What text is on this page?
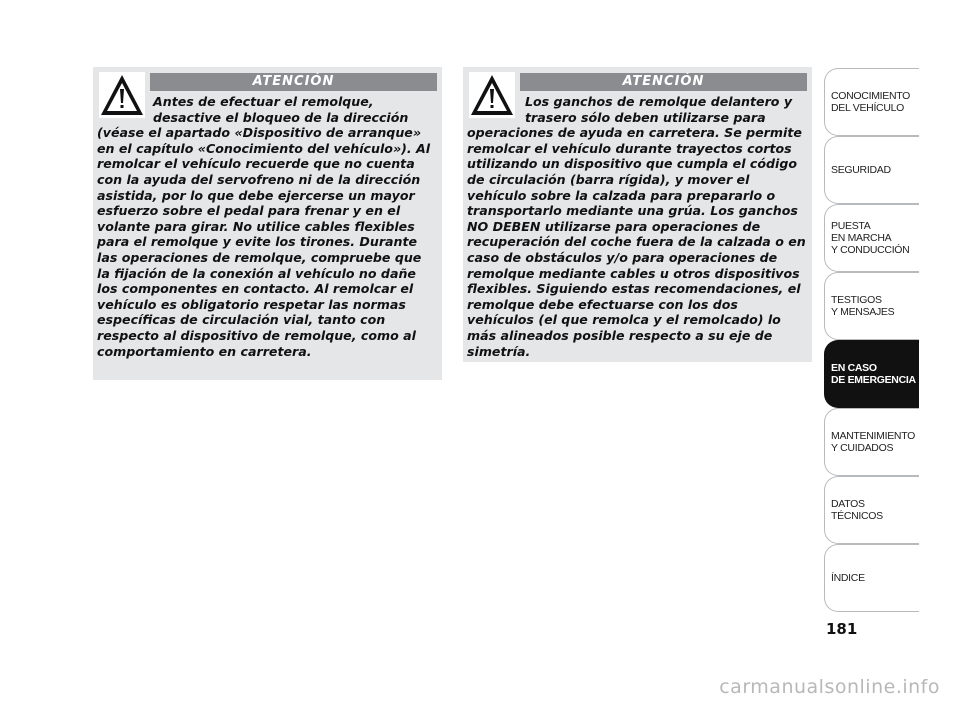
ATENCIÓN

Antes de efectuar el remolque, desactive el bloqueo de la dirección (véase el apartado «Dispositivo de arranque» en el capítulo «Conocimiento del vehículo»). Al remolcar el vehículo recuerde que no cuenta con la ayuda del servofreno ni de la dirección asistida, por lo que debe ejercerse un mayor esfuerzo sobre el pedal para frenar y en el volante para girar. No utilice cables flexibles para el remolque y evite los tirones. Durante las operaciones de remolque, compruebe que la fijación de la conexión al vehículo no dañe los componentes en contacto. Al remolcar el vehículo es obligatorio respetar las normas específicas de circulación vial, tanto con respecto al dispositivo de remolque, como al comportamiento en carretera.

ATENCIÓN

Los ganchos de remolque delantero y trasero sólo deben utilizarse para operaciones de ayuda en carretera. Se permite remolcar el vehículo durante trayectos cortos utilizando un dispositivo que cumpla el código de circulación (barra rígida), y mover el vehículo sobre la calzada para prepararlo o transportarlo mediante una grúa. Los ganchos NO DEBEN utilizarse para operaciones de recuperación del coche fuera de la calzada o en caso de obstáculos y/o para operaciones de remolque mediante cables u otros dispositivos flexibles. Siguiendo estas recomendaciones, el remolque debe efectuarse con los dos vehículos (el que remolca y el remolcado) lo más alineados posible respecto a su eje de simetría.

CONOCIMIENTO
DEL VEHÍCULO
SEGURIDAD
PUESTA
EN MARCHA
Y CONDUCCIÓN
TESTIGOS
Y MENSAJES
EN CASO
DE EMERGENCIA
MANTENIMIENTO
Y CUIDADOS
DATOS TÉCNICOS
ÍNDICE
181
carmanualsonline.info
